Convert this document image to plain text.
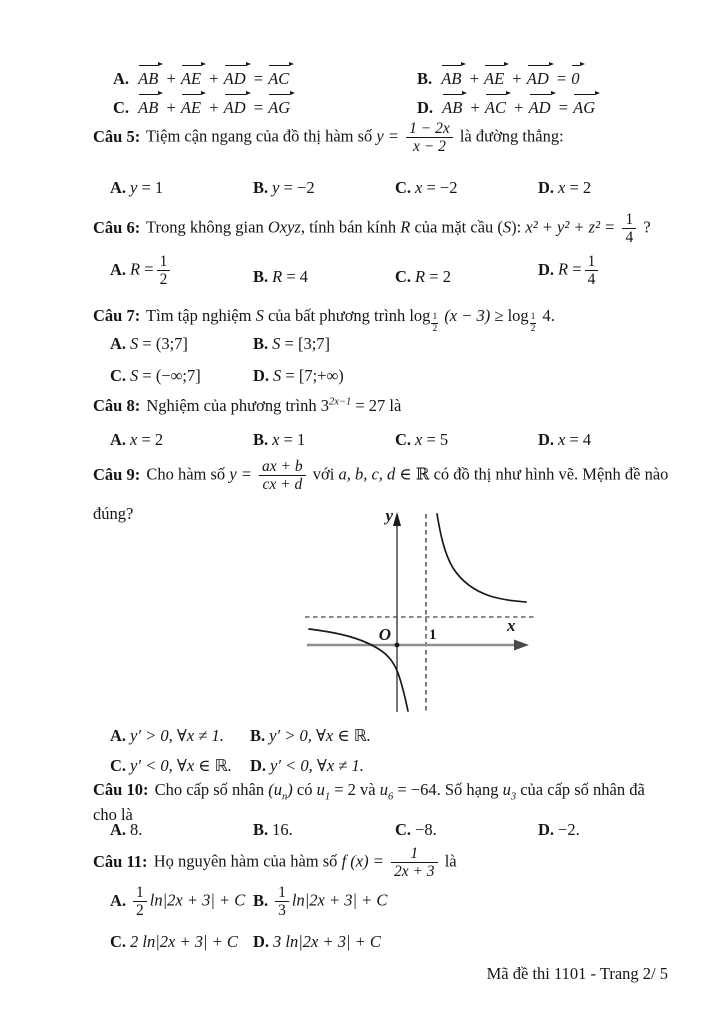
A. AB + AE + AD = AC	B. AB + AE + AD = 0
C. AB + AE + AD = AG	D. AB + AC + AD = AG
Câu 5: Tiệm cận ngang của đồ thị hàm số $y = \frac{1 - 2x}{x - 2}$ là đường thẳng:
A. y = 1	B. y = −2	C. x = −2	D. x = 2
Câu 6: Trong không gian Oxyz, tính bán kính R của mặt cầu (S): $x^2 + y^2 + z^2 = \frac{1}{4}$ ?
A. $R = \frac{1}{2}$	B. R = 4	C. R = 2	D. $R = \frac{1}{4}$
Câu 7: Tìm tập nghiệm S của bất phương trình $\log \frac{1}{2} (x - 3) \ge \log \frac{1}{2} 4$.
A. S = (3;7]	B. S = [3;7]
C. S = (−∞;7]	D. S = [7;+∞)
Câu 8: Nghiệm của phương trình $3^{2x-1} = 27$ là
A. x = 2	B. x = 1	C. x = 5	D. x = 4
Câu 9: Cho hàm số $y = \frac{ax + b}{cx + d}$ với a, b, c, d ∈ ℝ có đồ thị như hình vẽ. Mệnh đề nào
đúng?	y
x
O	1
A. y′ > 0, ∀x ≠ 1. B. y′ > 0, ∀x ∈ ℝ.
C. y′ < 0, ∀x ∈ ℝ. D. y′ < 0, ∀x ≠ 1.
Câu 10: Cho cấp số nhân $(u_n)$ có $u_1 = 2$ và $u_6 = -64$. Số hạng $u_3$ của cấp số nhân đã
cho là
A. 8.	B. 16.	C. −8.	D. −2.
Câu 11: Họ nguyên hàm của hàm số f $(x) = \frac{1}{2x + 3}$ là
A. $\frac{1}{2} \ln|2x + 3| + C$ B. $\frac{1}{3} \ln|2x + 3| + C$
C. 2 ln|2x + 3| + C D. 3 ln|2x + 3| + C
Mã đề thi 1101 - Trang 2/ 5
